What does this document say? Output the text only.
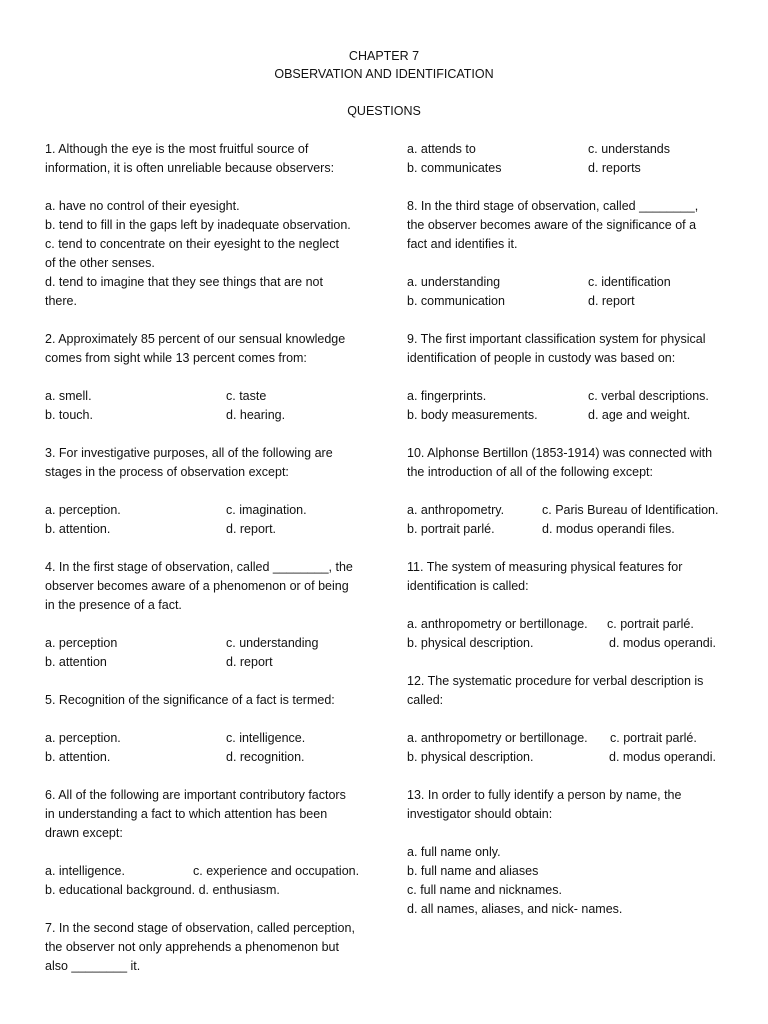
CHAPTER 7
OBSERVATION AND IDENTIFICATION
QUESTIONS

1. Although the eye is the most fruitful source of

information, it is often unreliable because observers:

a. have no control of their eyesight.

b. tend to fill in the gaps left by inadequate observation.

c. tend to concentrate on their eyesight to the neglect

of the other senses.

d. tend to imagine that they see things that are not

there.

2. Approximately 85 percent of our sensual knowledge

comes from sight while 13 percent comes from:

a. smell.	c. taste
b. touch.	d. hearing.

3. For investigative purposes, all of the following are

stages in the process of observation except:

a. perception.	c. imagination.
b. attention.	d. report.

4. In the first stage of observation, called ________, the

observer becomes aware of a phenomenon or of being

in the presence of a fact.

a. perception	c. understanding
b. attention	d. report

5. Recognition of the significance of a fact is termed:

a. perception.	c. intelligence.
b. attention.	d. recognition.

6. All of the following are important contributory factors

in understanding a fact to which attention has been

drawn except:

a. intelligence.	c. experience and occupation.
b. educational background. d. enthusiasm.

7. In the second stage of observation, called perception,

the observer not only apprehends a phenomenon but

also ________ it.

a. attends to	c. understands
b. communicates	d. reports

8. In the third stage of observation, called ________,

the observer becomes aware of the significance of a

fact and identifies it.

a. understanding	c. identification
b. communication	d. report

9. The first important classification system for physical

identification of people in custody was based on:

a. fingerprints.	c. verbal descriptions.
b. body measurements.	d. age and weight.

10. Alphonse Bertillon (1853-1914) was connected with

the introduction of all of the following except:

a. anthropometry.	c. Paris Bureau of Identification.
b. portrait parlé.	d. modus operandi files.

11. The system of measuring physical features for

identification is called:

a. anthropometry or bertillonage. c. portrait parlé.
b. physical description.	d. modus operandi.

12. The systematic procedure for verbal description is

called:

a. anthropometry or bertillonage. c. portrait parlé.
b. physical description.	d. modus operandi.

13. In order to fully identify a person by name, the

investigator should obtain:

a. full name only.

b. full name and aliases

c. full name and nicknames.

d. all names, aliases, and nick- names.
